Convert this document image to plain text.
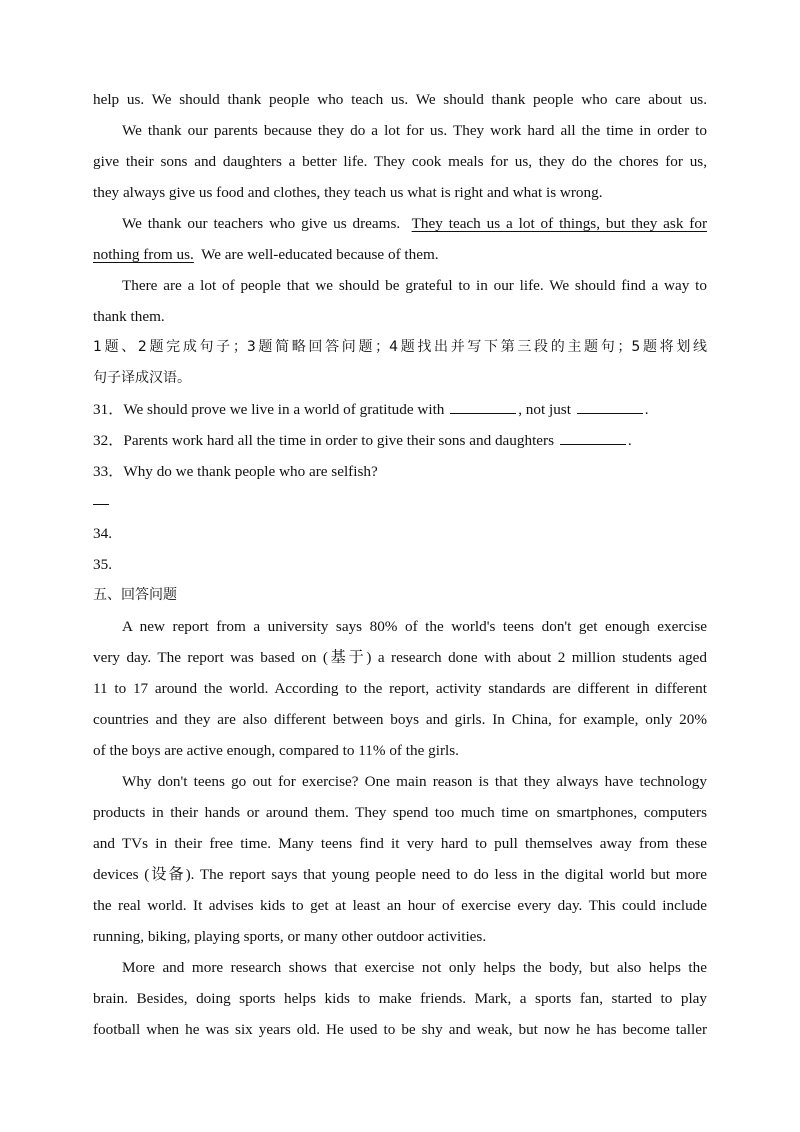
help us. We should thank people who teach us. We should thank people who care about us.
We thank our parents because they do a lot for us. They work hard all the time in order to
give their sons and daughters a better life. They cook meals for us, they do the chores for us,
they always give us food and clothes, they teach us what is right and what is wrong.
We thank our teachers who give us dreams. They teach us a lot of things, but they ask for
nothing from us. We are well-educated because of them.
There are a lot of people that we should be grateful to in our life. We should find a way to
thank them.
1题、2题完成句子；3题简略回答问题；4题找出并写下第三段的主题句；5题将划线
句子译成汉语。
31．We should prove we live in a world of gratitude with	, not just	.
32．Parents work hard all the time in order to give their sons and daughters	.
33．Why do we thank people who are selfish?
34.
35.
五、回答问题
A new report from a university says 80% of the world's teens don't get enough exercise
very day. The report was based on (基于) a research done with about 2 million students aged
11 to 17 around the world. According to the report, activity standards are different in different
countries and they are also different between boys and girls. In China, for example, only 20%
of the boys are active enough, compared to 11% of the girls.
Why don't teens go out for exercise? One main reason is that they always have technology
products in their hands or around them. They spend too much time on smartphones, computers
and TVs in their free time. Many teens find it very hard to pull themselves away from these
devices (设备). The report says that young people need to do less in the digital world but more
the real world. It advises kids to get at least an hour of exercise every day. This could include
running, biking, playing sports, or many other outdoor activities.
More and more research shows that exercise not only helps the body, but also helps the
brain. Besides, doing sports helps kids to make friends. Mark, a sports fan, started to play
football when he was six years old. He used to be shy and weak, but now he has become taller
